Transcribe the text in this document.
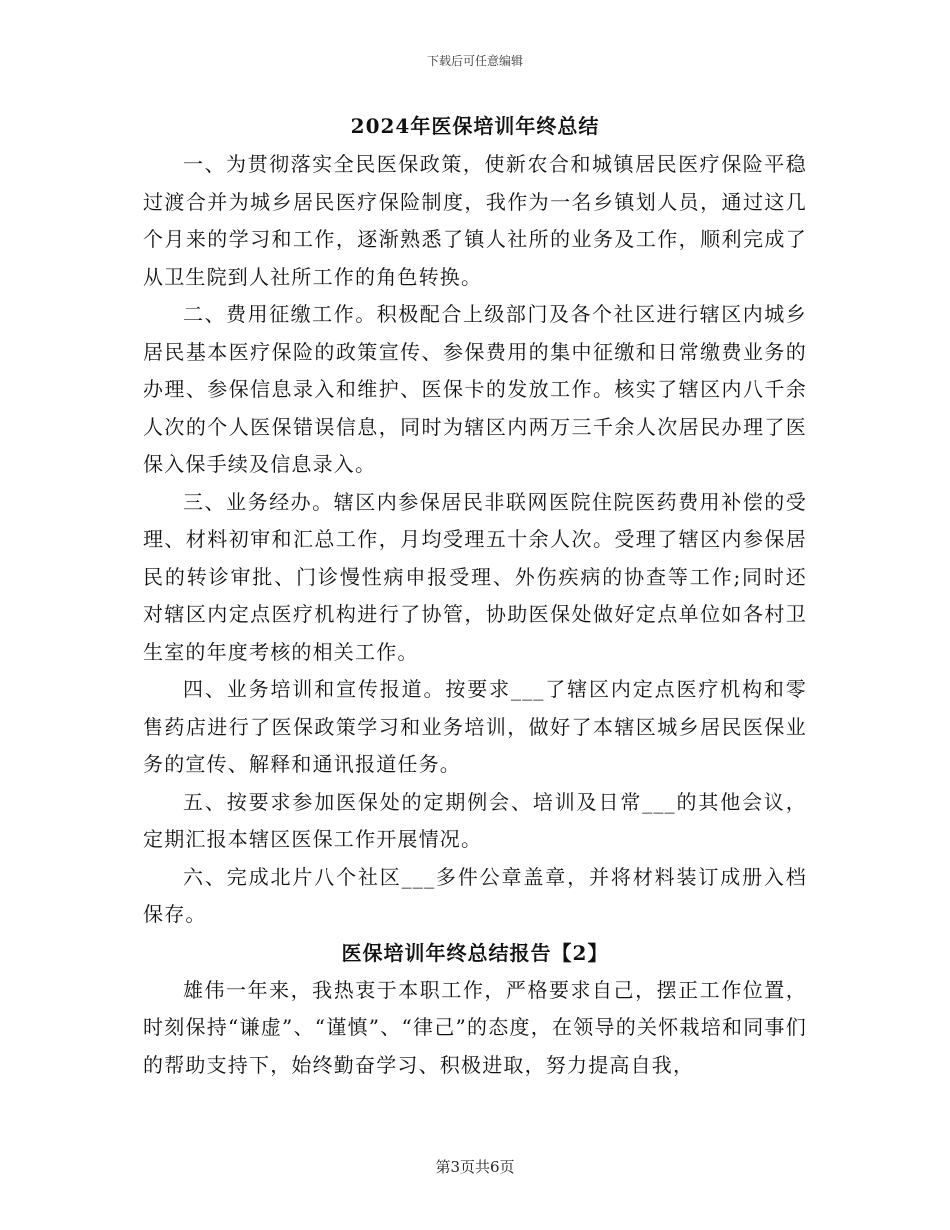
下载后可任意编辑
2024年医保培训年终总结

一、为贯彻落实全民医保政策，使新农合和城镇居民医疗保险平稳过渡合并为城乡居民医疗保险制度，我作为一名乡镇划人员，通过这几个月来的学习和工作，逐渐熟悉了镇人社所的业务及工作，顺利完成了从卫生院到人社所工作的角色转换。

二、费用征缴工作。积极配合上级部门及各个社区进行辖区内城乡居民基本医疗保险的政策宣传、参保费用的集中征缴和日常缴费业务的办理、参保信息录入和维护、医保卡的发放工作。核实了辖区内八千余人次的个人医保错误信息，同时为辖区内两万三千余人次居民办理了医保入保手续及信息录入。

三、业务经办。辖区内参保居民非联网医院住院医药费用补偿的受理、材料初审和汇总工作，月均受理五十余人次。受理了辖区内参保居民的转诊审批、门诊慢性病申报受理、外伤疾病的协查等工作;同时还对辖区内定点医疗机构进行了协管，协助医保处做好定点单位如各村卫生室的年度考核的相关工作。

四、业务培训和宣传报道。按要求___了辖区内定点医疗机构和零售药店进行了医保政策学习和业务培训，做好了本辖区城乡居民医保业务的宣传、解释和通讯报道任务。

五、按要求参加医保处的定期例会、培训及日常___的其他会议，定期汇报本辖区医保工作开展情况。

六、完成北片八个社区___多件公章盖章，并将材料装订成册入档保存。

医保培训年终总结报告【2】

雄伟一年来，我热衷于本职工作，严格要求自己，摆正工作位置，时刻保持“谦虚”、“谨慎”、“律己”的态度，在领导的关怀栽培和同事们的帮助支持下，始终勤奋学习、积极进取，努力提高自我，

第3页共6页
